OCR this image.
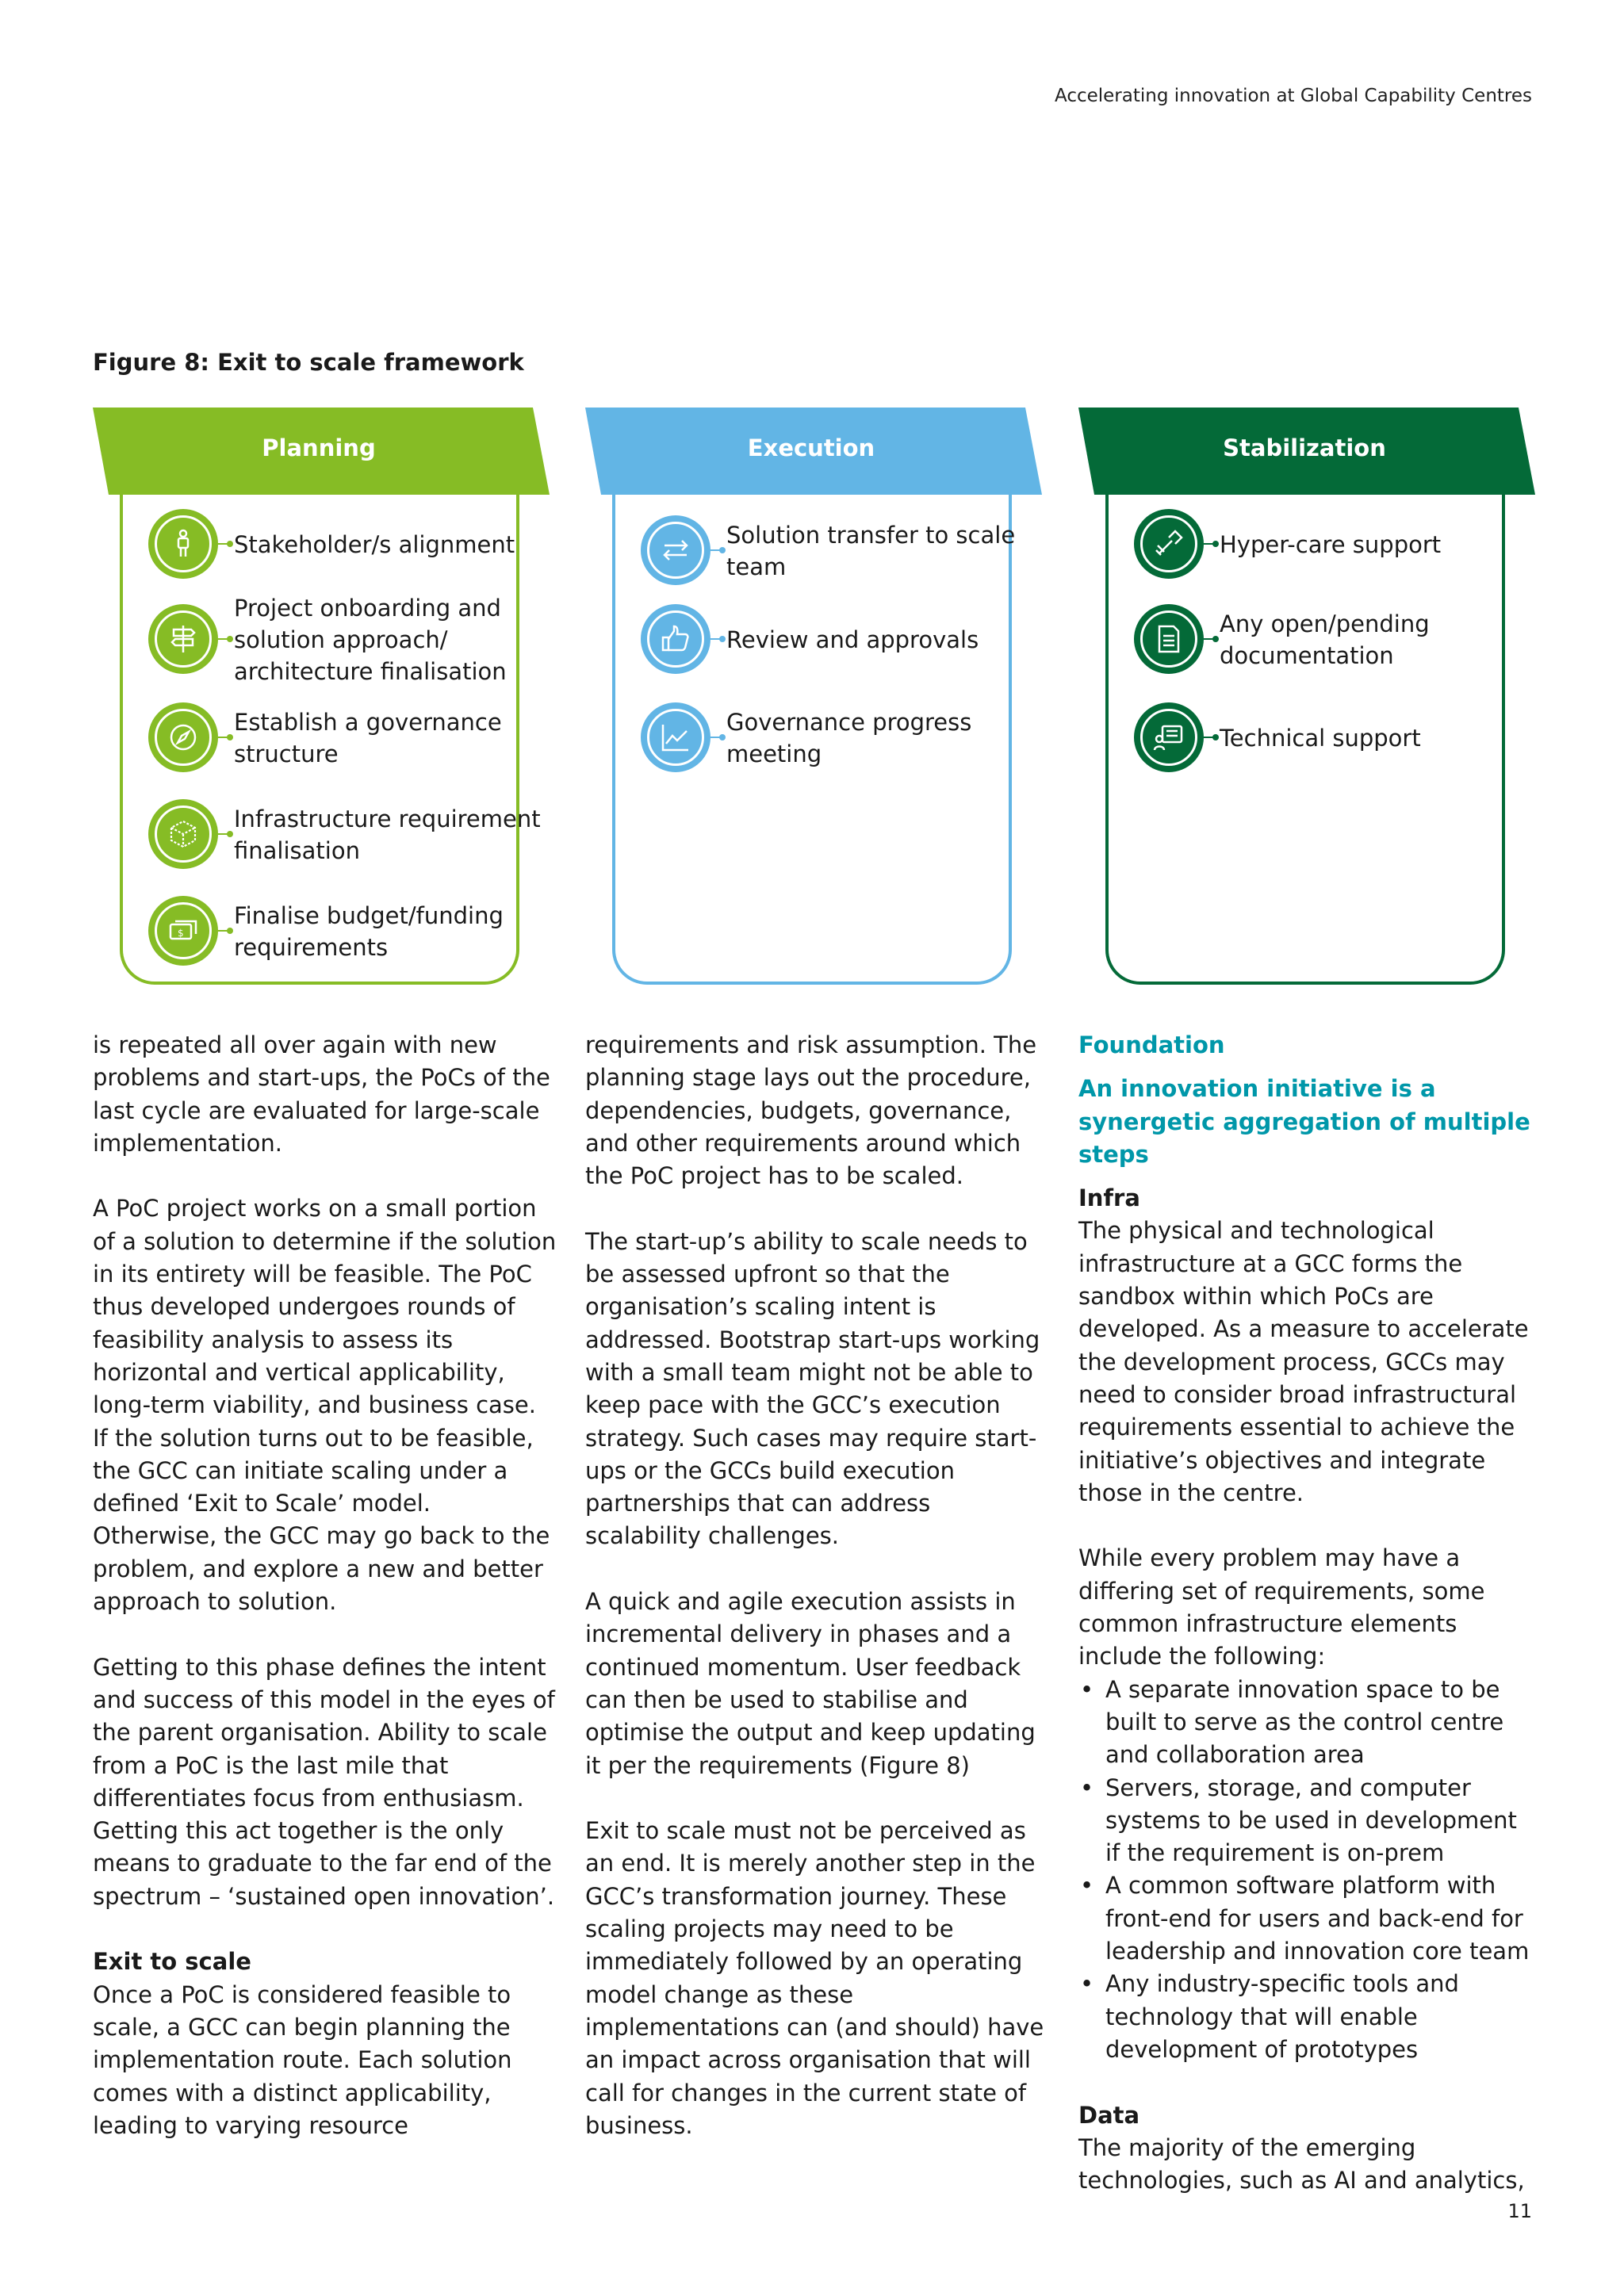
Accelerating innovation at Global Capability Centres
Figure 8: Exit to scale framework
Planning
Stakeholder/s alignment
Project onboarding and solution approach/ architecture finalisation
Establish a governance structure
Infrastructure requirement finalisation
$
Finalise budget/funding requirements
Execution
Solution transfer to scale team
Review and approvals
Governance progress meeting
Stabilization
Hyper-care support
Any open/pending documentation
Technical support

is repeated all over again with new problems and start-ups, the PoCs of the last cycle are evaluated for large-scale implementation.

A PoC project works on a small portion of a solution to determine if the solution in its entirety will be feasible. The PoC thus developed undergoes rounds of feasibility analysis to assess its horizontal and vertical applicability, long-term viability, and business case. If the solution turns out to be feasible, the GCC can initiate scaling under a defined ‘Exit to Scale’ model. Otherwise, the GCC may go back to the problem, and explore a new and better approach to solution.

Getting to this phase defines the intent and success of this model in the eyes of the parent organisation. Ability to scale from a PoC is the last mile that differentiates focus from enthusiasm. Getting this act together is the only means to graduate to the far end of the spectrum – ‘sustained open innovation’.

Exit to scale
Once a PoC is considered feasible to scale, a GCC can begin planning the implementation route. Each solution comes with a distinct applicability, leading to varying resource

requirements and risk assumption. The planning stage lays out the procedure, dependencies, budgets, governance, and other requirements around which the PoC project has to be scaled.

The start-up’s ability to scale needs to be assessed upfront so that the organisation’s scaling intent is addressed. Bootstrap start-ups working with a small team might not be able to keep pace with the GCC’s execution strategy. Such cases may require start-ups or the GCCs build execution partnerships that can address scalability challenges.

A quick and agile execution assists in incremental delivery in phases and a continued momentum. User feedback can then be used to stabilise and optimise the output and keep updating it per the requirements (Figure 8)

Exit to scale must not be perceived as an end. It is merely another step in the GCC’s transformation journey. These scaling projects may need to be immediately followed by an operating model change as these implementations can (and should) have an impact across organisation that will call for changes in the current state of business.

Foundation
An innovation initiative is a synergetic aggregation of multiple steps

Infra
The physical and technological infrastructure at a GCC forms the sandbox within which PoCs are developed. As a measure to accelerate the development process, GCCs may need to consider broad infrastructural requirements essential to achieve the initiative’s objectives and integrate those in the centre.

While every problem may have a differing set of requirements, some common infrastructure elements include the following:

• A separate innovation space to be built to serve as the control centre and collaboration area
• Servers, storage, and computer systems to be used in development if the requirement is on-prem
• A common software platform with front-end for users and back-end for leadership and innovation core team
• Any industry-specific tools and technology that will enable development of prototypes

Data
The majority of the emerging technologies, such as AI and analytics,

11
